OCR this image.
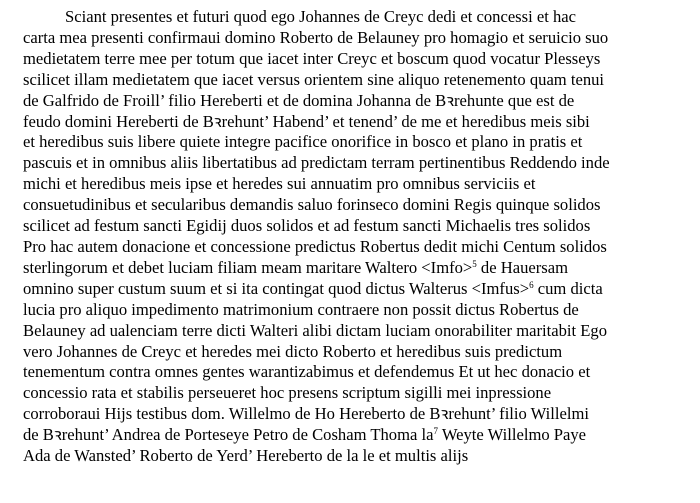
Sciant presentes et futuri quod ego Johannes de Creyc dedi et concessi et hac

carta mea presenti confirmaui domino Roberto de Belauney pro homagio et seruicio suo

medietatem terre mee per totum que iacet inter Creyc et boscum quod vocatur Plesseys

scilicet illam medietatem que iacet versus orientem sine aliquo retenemento quam tenui

de Galfrido de Froill’ filio Hereberti et de domina Johanna de Bꝛrehunte que est de

feudo domini Hereberti de Bꝛrehunt’ Habend’ et tenend’ de me et heredibus meis sibi

et heredibus suis libere quiete integre pacifice onorifice in bosco et plano in pratis et

pascuis et in omnibus aliis libertatibus ad predictam terram pertinentibus Reddendo inde

michi et heredibus meis ipse et heredes sui annuatim pro omnibus serviciis et

consuetudinibus et secularibus demandis saluo forinseco domini Regis quinque solidos

scilicet ad festum sancti Egidij duos solidos et ad festum sancti Michaelis tres solidos

Pro hac autem donacione et concessione predictus Robertus dedit michi Centum solidos

sterlingorum et debet luciam filiam meam maritare Waltero <Imfo>$^5$ de Hauersam

omnino super custum suum et si ita contingat quod dictus Walterus <Imfus>$^6$ cum dicta

lucia pro aliquo impedimento matrimonium contraere non possit dictus Robertus de

Belauney ad ualenciam terre dicti Walteri alibi dictam luciam onorabiliter maritabit Ego

vero Johannes de Creyc et heredes mei dicto Roberto et heredibus suis predictum

tenementum contra omnes gentes warantizabimus et defendemus Et ut hec donacio et

concessio rata et stabilis perseueret hoc presens scriptum sigilli mei inpressione

corroboraui Hijs testibus dom. Willelmo de Ho Hereberto de Bꝛrehunt’ filio Willelmi

de Bꝛrehunt’ Andrea de Porteseye Petro de Cosham Thoma $la^7$ Weyte Willelmo Paye

Ada de Wansted’ Roberto de Yerd’ Hereberto de la le et multis alijs
